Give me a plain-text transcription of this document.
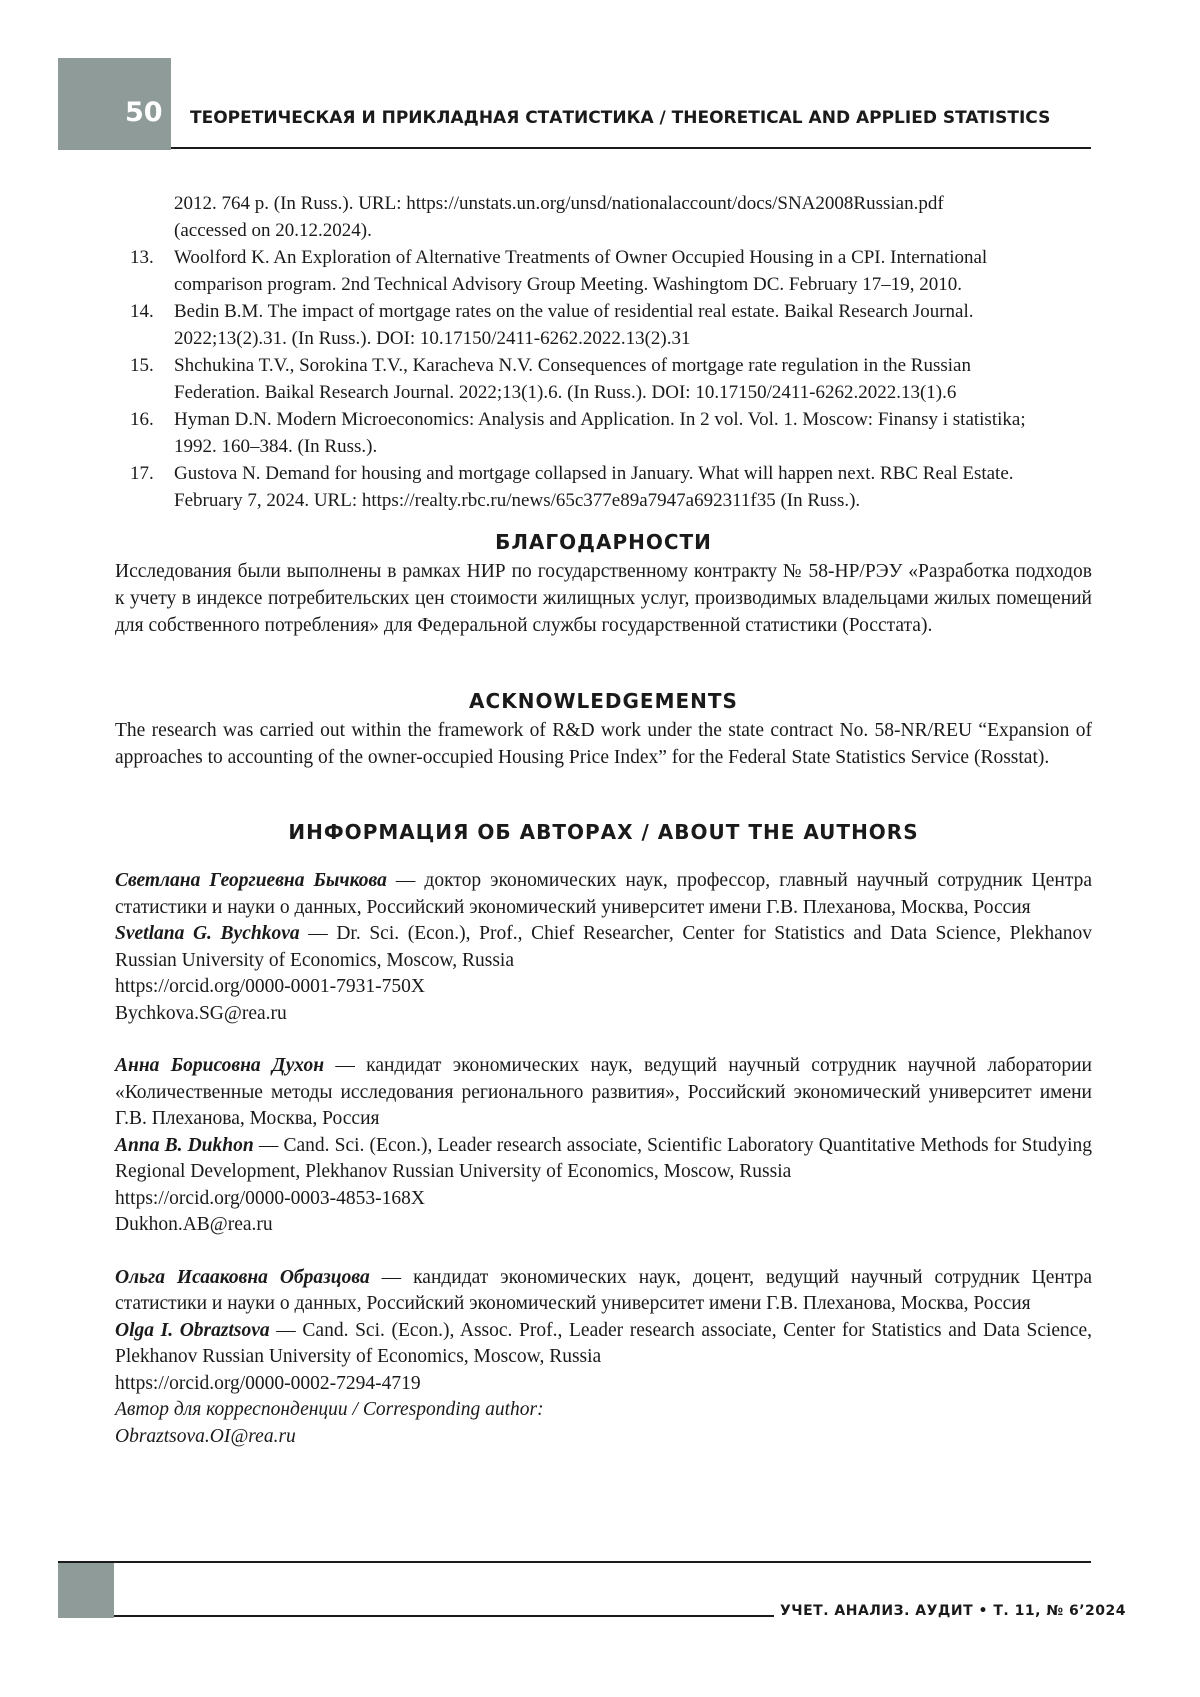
50 ТЕОРЕТИЧЕСКАЯ И ПРИКЛАДНАЯ СТАТИСТИКА / THEORETICAL AND APPLIED STATISTICS
2012. 764 p. (In Russ.). URL: https://unstats.un.org/unsd/nationalaccount/docs/SNA2008Russian.pdf
(accessed on 20.12.2024).
13.	Woolford K. An Exploration of Alternative Treatments of Owner Occupied Housing in a CPI. International
comparison program. 2nd Technical Advisory Group Meeting. Washingtom DC. February 17–19, 2010.
14.	Bedin B.M. The impact of mortgage rates on the value of residential real estate. Baikal Research Journal.
2022;13(2).31. (In Russ.). DOI: 10.17150/2411-6262.2022.13(2).31
15.	Shchukina T.V., Sorokina T.V., Karacheva N.V. Consequences of mortgage rate regulation in the Russian
Federation. Baikal Research Journal. 2022;13(1).6. (In Russ.). DOI: 10.17150/2411-6262.2022.13(1).6
16.	Hyman D.N. Modern Microeconomics: Analysis and Application. In 2 vol. Vol. 1. Moscow: Finansy i statistika;
1992. 160–384. (In Russ.).
17.	Gustova N. Demand for housing and mortgage collapsed in January. What will happen next. RBC Real Estate.
February 7, 2024. URL: https://realty.rbc.ru/news/65c377e89a7947a692311f35 (In Russ.).
БЛАГОДАРНОСТИ
Исследования были выполнены в рамках НИР по государственному контракту № 58-НР/РЭУ «Разработка подходов к учету в индексе потребительских цен стоимости жилищных услуг, производимых владельцами жилых помещений для собственного потребления» для Федеральной службы государственной статистики (Росстата).
ACKNOWLEDGEMENTS
The research was carried out within the framework of R&D work under the state contract No. 58-NR/REU “Expansion of approaches to accounting of the owner-occupied Housing Price Index” for the Federal State Statistics Service (Rosstat).
ИНФОРМАЦИЯ ОБ АВТОРАХ / ABOUT THE AUTHORS
Светлана Георгиевна Бычкова — доктор экономических наук, профессор, главный научный сотрудник Центра статистики и науки о данных, Российский экономический университет имени Г.В. Плеханова, Москва, Россия
Svetlana G. Bychkova — Dr. Sci. (Econ.), Prof., Chief Researcher, Center for Statistics and Data Science, Plekhanov Russian University of Economics, Moscow, Russia
https://orcid.org/0000-0001-7931-750X
Bychkova.SG@rea.ru
Анна Борисовна Духон — кандидат экономических наук, ведущий научный сотрудник научной лаборатории «Количественные методы исследования регионального развития», Российский экономический университет имени Г.В. Плеханова, Москва, Россия
Anna B. Dukhon — Cand. Sci. (Econ.), Leader research associate, Scientific Laboratory Quantitative Methods for Studying Regional Development, Plekhanov Russian University of Economics, Moscow, Russia
https://orcid.org/0000-0003-4853-168X
Dukhon.AB@rea.ru
Ольга Исааковна Образцова — кандидат экономических наук, доцент, ведущий научный сотрудник Центра статистики и науки о данных, Российский экономический университет имени Г.В. Плеханова, Москва, Россия
Olga I. Obraztsova — Cand. Sci. (Econ.), Assoc. Prof., Leader research associate, Center for Statistics and Data Science, Plekhanov Russian University of Economics, Moscow, Russia
https://orcid.org/0000-0002-7294-4719
Автор для корреспонденции / Corresponding author:
Obraztsova.OI@rea.ru
УЧЕТ. АНАЛИЗ. АУДИТ • Т. 11, № 6’2024
